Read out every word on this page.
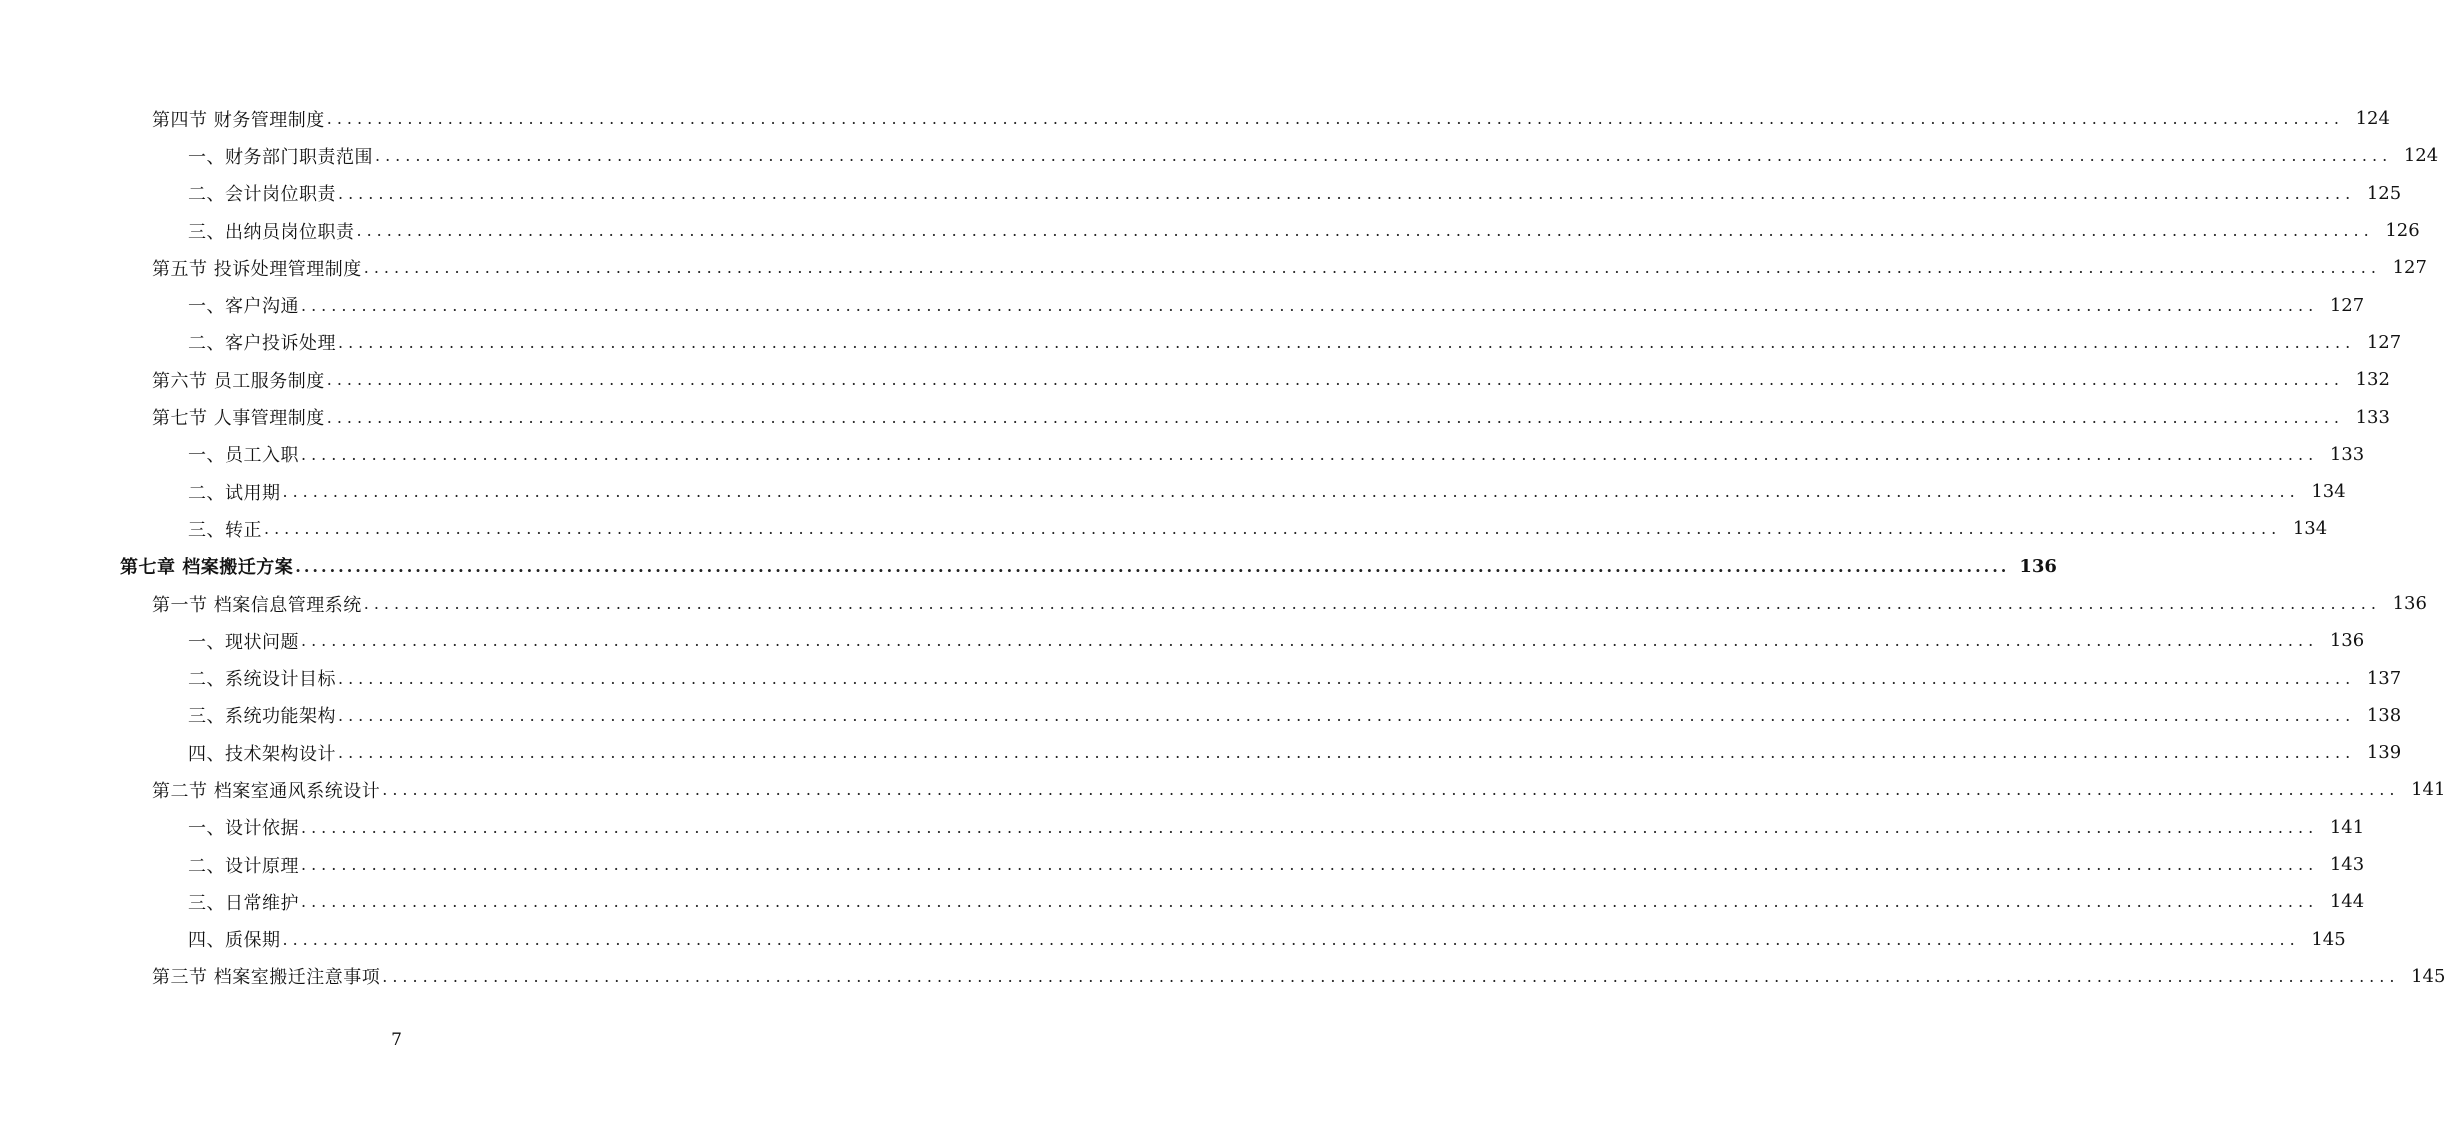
第四节 财务管理制度 ........................................................................................................................................................................................................ 124
一、财务部门职责范围 ........................................................................................................................................................................................................ 124
二、会计岗位职责 ........................................................................................................................................................................................................ 125
三、出纳员岗位职责 ........................................................................................................................................................................................................ 126
第五节 投诉处理管理制度 ........................................................................................................................................................................................................ 127
一、客户沟通 ........................................................................................................................................................................................................ 127
二、客户投诉处理 ........................................................................................................................................................................................................ 127
第六节 员工服务制度 ........................................................................................................................................................................................................ 132
第七节 人事管理制度 ........................................................................................................................................................................................................ 133
一、员工入职 ........................................................................................................................................................................................................ 133
二、试用期 ........................................................................................................................................................................................................ 134
三、转正 ........................................................................................................................................................................................................ 134
第七章 档案搬迁方案 ........................................................................................................................................................................................................ 136
第一节 档案信息管理系统 ........................................................................................................................................................................................................ 136
一、现状问题 ........................................................................................................................................................................................................ 136
二、系统设计目标 ........................................................................................................................................................................................................ 137
三、系统功能架构 ........................................................................................................................................................................................................ 138
四、技术架构设计 ........................................................................................................................................................................................................ 139
第二节 档案室通风系统设计 ........................................................................................................................................................................................................ 141
一、设计依据 ........................................................................................................................................................................................................ 141
二、设计原理 ........................................................................................................................................................................................................ 143
三、日常维护 ........................................................................................................................................................................................................ 144
四、质保期 ........................................................................................................................................................................................................ 145
第三节 档案室搬迁注意事项 ........................................................................................................................................................................................................ 145
7
